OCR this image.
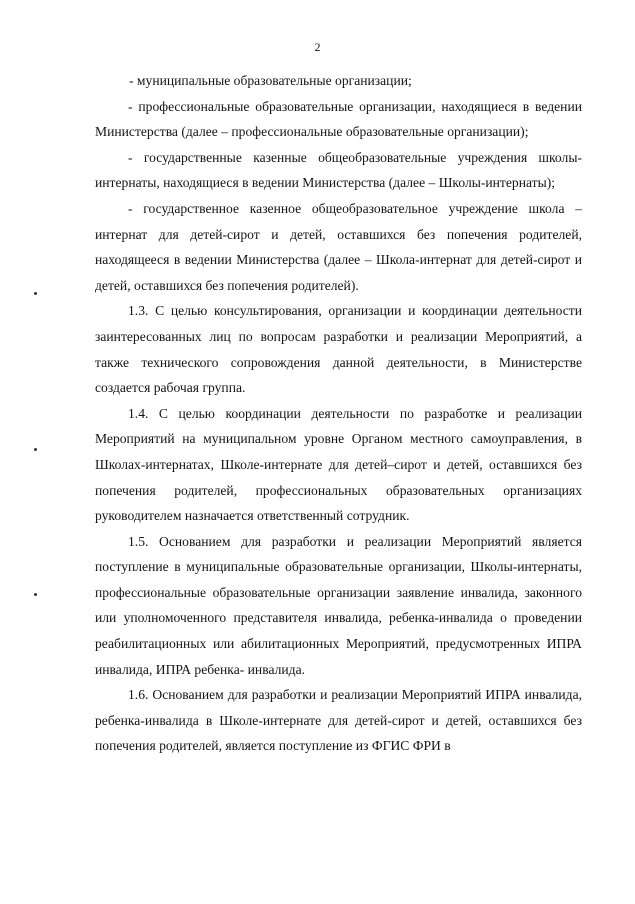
2

- муниципальные образовательные организации;

- профессиональные образовательные организации, находящиеся в ведении Министерства (далее – профессиональные образовательные организации);

- государственные казенные общеобразовательные учреждения школы-интернаты, находящиеся в ведении Министерства (далее – Школы-интернаты);

- государственное казенное общеобразовательное учреждение школа – интернат для детей-сирот и детей, оставшихся без попечения родителей, находящееся в ведении Министерства (далее – Школа-интернат для детей-сирот и детей, оставшихся без попечения родителей).

1.3. С целью консультирования, организации и координации деятельности заинтересованных лиц по вопросам разработки и реализации Мероприятий, а также технического сопровождения данной деятельности, в Министерстве создается рабочая группа.

1.4. С целью координации деятельности по разработке и реализации Мероприятий на муниципальном уровне Органом местного самоуправления, в Школах-интернатах, Школе-интернате для детей–сирот и детей, оставшихся без попечения родителей, профессиональных образовательных организациях руководителем назначается ответственный сотрудник.

1.5. Основанием для разработки и реализации Мероприятий является поступление в муниципальные образовательные организации, Школы-интернаты, профессиональные образовательные организации заявление инвалида, законного или уполномоченного представителя инвалида, ребенка-инвалида о проведении реабилитационных или абилитационных Мероприятий, предусмотренных ИПРА инвалида, ИПРА ребенка- инвалида.

1.6. Основанием для разработки и реализации Мероприятий ИПРА инвалида, ребенка-инвалида в Школе-интернате для детей-сирот и детей, оставшихся без попечения родителей, является поступление из ФГИС ФРИ в
